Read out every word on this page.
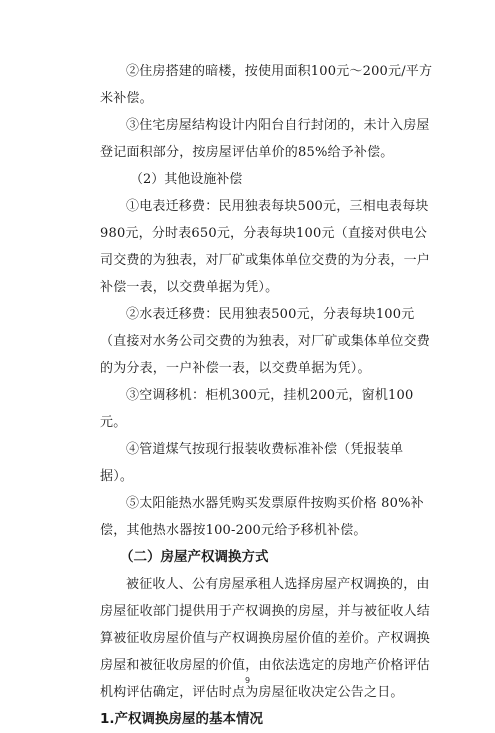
②住房搭建的暗楼，按使用面积100元～200元/平方米补偿。

③住宅房屋结构设计内阳台自行封闭的，未计入房屋登记面积部分，按房屋评估单价的85%给予补偿。

（2）其他设施补偿

①电表迁移费：民用独表每块500元，三相电表每块980元，分时表650元，分表每块100元（直接对供电公司交费的为独表，对厂矿或集体单位交费的为分表，一户补偿一表，以交费单据为凭）。

②水表迁移费：民用独表500元，分表每块100元（直接对水务公司交费的为独表，对厂矿或集体单位交费的为分表，一户补偿一表，以交费单据为凭）。

③空调移机：柜机300元，挂机200元，窗机100元。

④管道煤气按现行报装收费标准补偿（凭报装单据）。

⑤太阳能热水器凭购买发票原件按购买价格 80%补偿，其他热水器按100-200元给予移机补偿。

（二）房屋产权调换方式

被征收人、公有房屋承租人选择房屋产权调换的，由房屋征收部门提供用于产权调换的房屋，并与被征收人结算被征收房屋价值与产权调换房屋价值的差价。产权调换房屋和被征收房屋的价值，由依法选定的房地产价格评估机构评估确定，评估时点为房屋征收决定公告之日。

1.产权调换房屋的基本情况

9
